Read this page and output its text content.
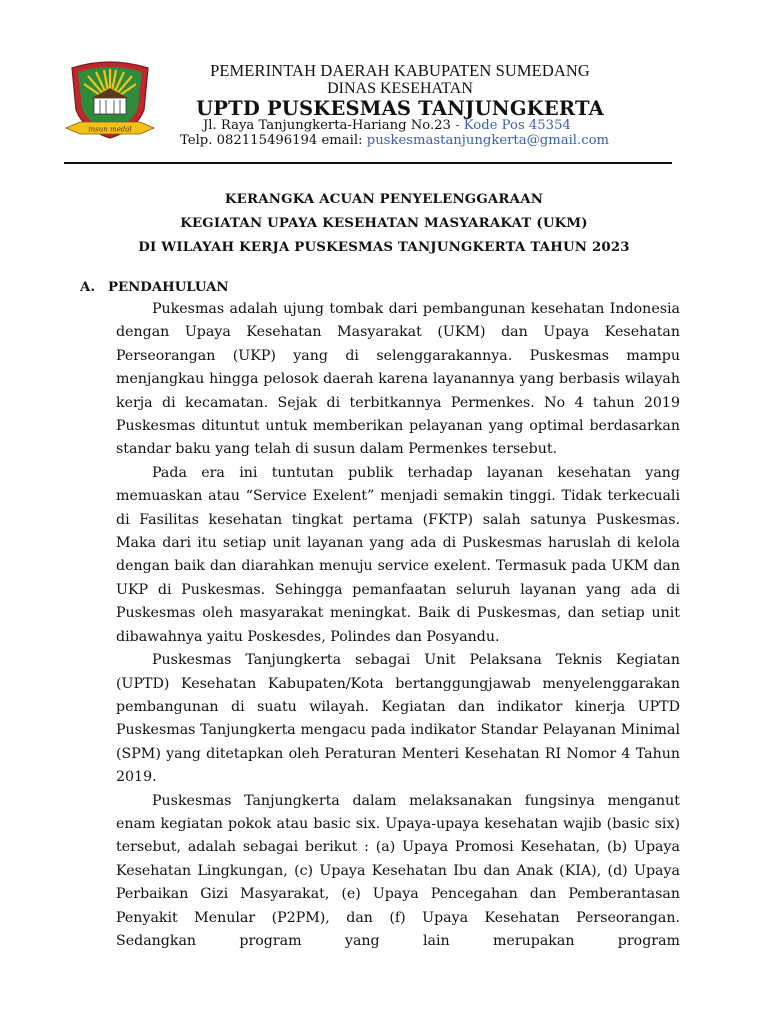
insun medal
PEMERINTAH DAERAH KABUPATEN SUMEDANG
DINAS KESEHATAN
UPTD PUSKESMAS TANJUNGKERTA
Jl. Raya Tanjungkerta-Hariang No.23 - Kode Pos 45354
Telp. 082115496194 email: puskesmastanjungkerta@gmail.com
KERANGKA ACUAN PENYELENGGARAAN
KEGIATAN UPAYA KESEHATAN MASYARAKAT (UKM)
DI WILAYAH KERJA PUSKESMAS TANJUNGKERTA TAHUN 2023
A. PENDAHULUAN

Pukesmas adalah ujung tombak dari pembangunan kesehatan Indonesia dengan Upaya Kesehatan Masyarakat (UKM) dan Upaya Kesehatan Perseorangan (UKP) yang di selenggarakannya. Puskesmas mampu menjangkau hingga pelosok daerah karena layanannya yang berbasis wilayah kerja di kecamatan. Sejak di terbitkannya Permenkes. No 4 tahun 2019 Puskesmas dituntut untuk memberikan pelayanan yang optimal berdasarkan standar baku yang telah di susun dalam Permenkes tersebut.

Pada era ini tuntutan publik terhadap layanan kesehatan yang memuaskan atau “Service Exelent” menjadi semakin tinggi. Tidak terkecuali di Fasilitas kesehatan tingkat pertama (FKTP) salah satunya Puskesmas. Maka dari itu setiap unit layanan yang ada di Puskesmas haruslah di kelola dengan baik dan diarahkan menuju service exelent. Termasuk pada UKM dan UKP di Puskesmas. Sehingga pemanfaatan seluruh layanan yang ada di Puskesmas oleh masyarakat meningkat. Baik di Puskesmas, dan setiap unit dibawahnya yaitu Poskesdes, Polindes dan Posyandu.

Puskesmas Tanjungkerta sebagai Unit Pelaksana Teknis Kegiatan (UPTD) Kesehatan Kabupaten/Kota bertanggungjawab menyelenggarakan pembangunan di suatu wilayah. Kegiatan dan indikator kinerja UPTD Puskesmas Tanjungkerta mengacu pada indikator Standar Pelayanan Minimal (SPM) yang ditetapkan oleh Peraturan Menteri Kesehatan RI Nomor 4 Tahun 2019.

Puskesmas Tanjungkerta dalam melaksanakan fungsinya menganut enam kegiatan pokok atau basic six. Upaya-upaya kesehatan wajib (basic six) tersebut, adalah sebagai berikut : (a) Upaya Promosi Kesehatan, (b) Upaya Kesehatan Lingkungan, (c) Upaya Kesehatan Ibu dan Anak (KIA), (d) Upaya Perbaikan Gizi Masyarakat, (e) Upaya Pencegahan dan Pemberantasan Penyakit Menular (P2PM), dan (f) Upaya Kesehatan Perseorangan. Sedangkan program yang lain merupakan program
